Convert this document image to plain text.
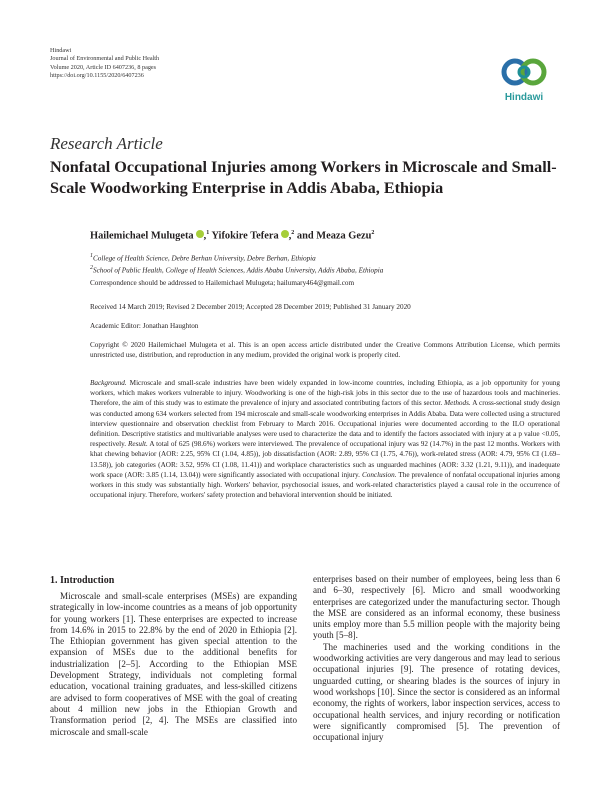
Hindawi
Journal of Environmental and Public Health
Volume 2020, Article ID 6407236, 8 pages
https://doi.org/10.1155/2020/6407236
Hindawi
Research Article
Nonfatal Occupational Injuries among Workers in Microscale and Small-Scale Woodworking Enterprise in Addis Ababa, Ethiopia
Hailemichael Mulugeta ,$^1$ Yifokire Tefera ,$^2$ and Meaza Gezu$^2$
$^1$College of Health Science, Debre Berhan University, Debre Berhan, Ethiopia
$^2$School of Public Health, College of Health Sciences, Addis Ababa University, Addis Ababa, Ethiopia
Correspondence should be addressed to Hailemichael Mulugeta; hailumary464@gmail.com
Received 14 March 2019; Revised 2 December 2019; Accepted 28 December 2019; Published 31 January 2020
Academic Editor: Jonathan Haughton
Copyright © 2020 Hailemichael Mulugeta et al. This is an open access article distributed under the Creative Commons Attribution License, which permits unrestricted use, distribution, and reproduction in any medium, provided the original work is properly cited.
Background. Microscale and small-scale industries have been widely expanded in low-income countries, including Ethiopia, as a job opportunity for young workers, which makes workers vulnerable to injury. Woodworking is one of the high-risk jobs in this sector due to the use of hazardous tools and machineries. Therefore, the aim of this study was to estimate the prevalence of injury and associated contributing factors of this sector. Methods. A cross-sectional study design was conducted among 634 workers selected from 194 microscale and small-scale woodworking enterprises in Addis Ababa. Data were collected using a structured interview questionnaire and observation checklist from February to March 2016. Occupational injuries were documented according to the ILO operational definition. Descriptive statistics and multivariable analyses were used to characterize the data and to identify the factors associated with injury at a p value <0.05, respectively. Result. A total of 625 (98.6%) workers were interviewed. The prevalence of occupational injury was 92 (14.7%) in the past 12 months. Workers with khat chewing behavior (AOR: 2.25, 95% CI (1.04, 4.85)), job dissatisfaction (AOR: 2.89, 95% CI (1.75, 4.76)), work-related stress (AOR: 4.79, 95% CI (1.69–13.58)), job categories (AOR: 3.52, 95% CI (1.08, 11.41)) and workplace characteristics such as unguarded machines (AOR: 3.32 (1.21, 9.11)), and inadequate work space (AOR: 3.85 (1.14, 13.04)) were significantly associated with occupational injury. Conclusion. The prevalence of nonfatal occupational injuries among workers in this study was substantially high. Workers' behavior, psychosocial issues, and work-related characteristics played a causal role in the occurrence of occupational injury. Therefore, workers' safety protection and behavioral intervention should be initiated.
1. Introduction

Microscale and small-scale enterprises (MSEs) are expanding strategically in low-income countries as a means of job opportunity for young workers [1]. These enterprises are expected to increase from 14.6% in 2015 to 22.8% by the end of 2020 in Ethiopia [2]. The Ethiopian government has given special attention to the expansion of MSEs due to the additional benefits for industrialization [2–5]. According to the Ethiopian MSE Development Strategy, individuals not completing formal education, vocational training graduates, and less-skilled citizens are advised to form cooperatives of MSE with the goal of creating about 4 million new jobs in the Ethiopian Growth and Transformation period [2, 4]. The MSEs are classified into microscale and small-scale

enterprises based on their number of employees, being less than 6 and 6–30, respectively [6]. Micro and small woodworking enterprises are categorized under the manufacturing sector. Though the MSE are considered as an informal economy, these business units employ more than 5.5 million people with the majority being youth [5–8].

The machineries used and the working conditions in the woodworking activities are very dangerous and may lead to serious occupational injuries [9]. The presence of rotating devices, unguarded cutting, or shearing blades is the sources of injury in wood workshops [10]. Since the sector is considered as an informal economy, the rights of workers, labor inspection services, access to occupational health services, and injury recording or notification were significantly compromised [5]. The prevention of occupational injury
